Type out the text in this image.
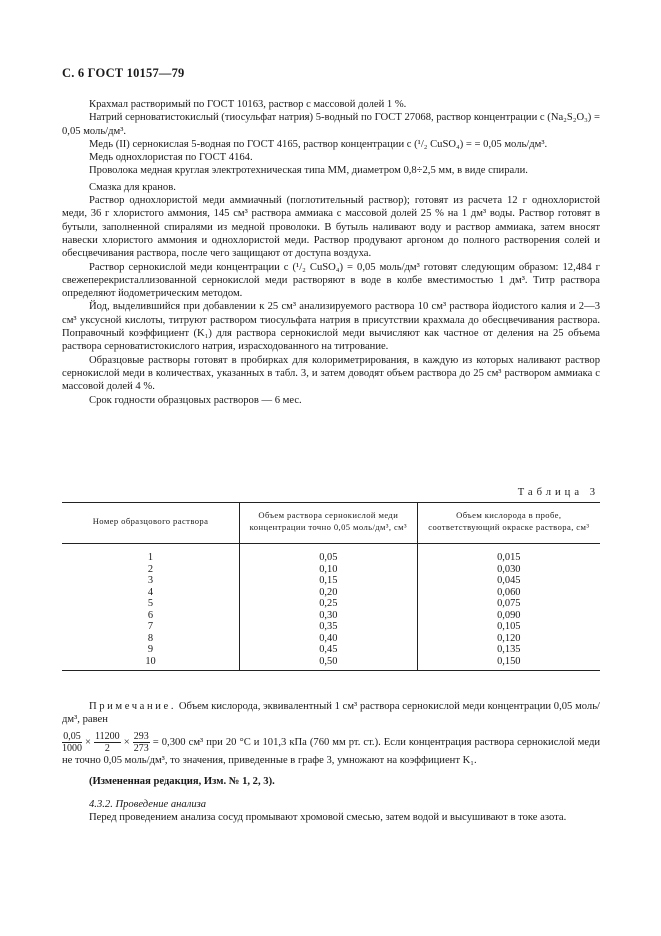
С. 6 ГОСТ 10157—79

Крахмал растворимый по ГОСТ 10163, раствор с массовой долей 1 %.

Натрий серноватистокислый (тиосульфат натрия) 5-водный по ГОСТ 27068, раствор концентрации c (Na₂S₂O₃) = 0,05 моль/дм³.

Медь (II) сернокислая 5-водная по ГОСТ 4165, раствор концентрации c (¹/₂ CuSO₄) = = 0,05 моль/дм³.

Медь однохлористая по ГОСТ 4164.

Проволока медная круглая электротехническая типа ММ, диаметром 0,8÷2,5 мм, в виде спирали.

Смазка для кранов.

Раствор однохлористой меди аммиачный (поглотительный раствор); готовят из расчета 12 г однохлористой меди, 36 г хлористого аммония, 145 см³ раствора аммиака с массовой долей 25 % на 1 дм³ воды. Раствор готовят в бутыли, заполненной спиралями из медной проволоки. В бутыль наливают воду и раствор аммиака, затем вносят навески хлористого аммония и однохлористой меди. Раствор продувают аргоном до полного растворения солей и обесцвечивания раствора, после чего защищают от доступа воздуха.

Раствор сернокислой меди концентрации c (¹/₂ CuSO₄) = 0,05 моль/дм³ готовят следующим образом: 12,484 г свежеперекристаллизованной сернокислой меди растворяют в воде в колбе вместимостью 1 дм³. Титр раствора определяют йодометрическим методом.

Йод, выделившийся при добавлении к 25 см³ анализируемого раствора 10 см³ раствора йодистого калия и 2—3 см³ уксусной кислоты, титруют раствором тиосульфата натрия в присутствии крахмала до обесцвечивания раствора. Поправочный коэффициент (K₁) для раствора сернокислой меди вычисляют как частное от деления на 25 объема раствора серноватистокислого натрия, израсходованного на титрование.

Образцовые растворы готовят в пробирках для колориметрирования, в каждую из которых наливают раствор сернокислой меди в количествах, указанных в табл. 3, и затем доводят объем раствора до 25 см³ раствором аммиака с массовой долей 4 %.

Срок годности образцовых растворов — 6 мес.

Таблица 3
Номер образцового раствора	Объем раствора сернокислой меди концентрации точно 0,05 моль/дм³, см³	Объем кислорода в пробе, соответствующий окраске раствора, см³
1	0,05	0,015
2	0,10	0,030
3	0,15	0,045
4	0,20	0,060
5	0,25	0,075
6	0,30	0,090
7	0,35	0,105
8	0,40	0,120
9	0,45	0,135
10	0,50	0,150

Примечание. Объем кислорода, эквивалентный 1 см³ раствора сернокислой меди концентрации 0,05 моль/дм³, равен

$\frac{0,05}{1000} \times \frac{11200}{2} \times \frac{293}{273} = 0,300$ см³ при 20 °C и 101,3 кПа (760 мм рт. ст.). Если концентрация раствора сернокислой меди не точно 0,05 моль/дм³, то значения, приведенные в графе 3, умножают на коэффициент K₁.

(Измененная редакция, Изм. № 1, 2, 3).

4.3.2. Проведение анализа

Перед проведением анализа сосуд промывают хромовой смесью, затем водой и высушивают в токе азота.
